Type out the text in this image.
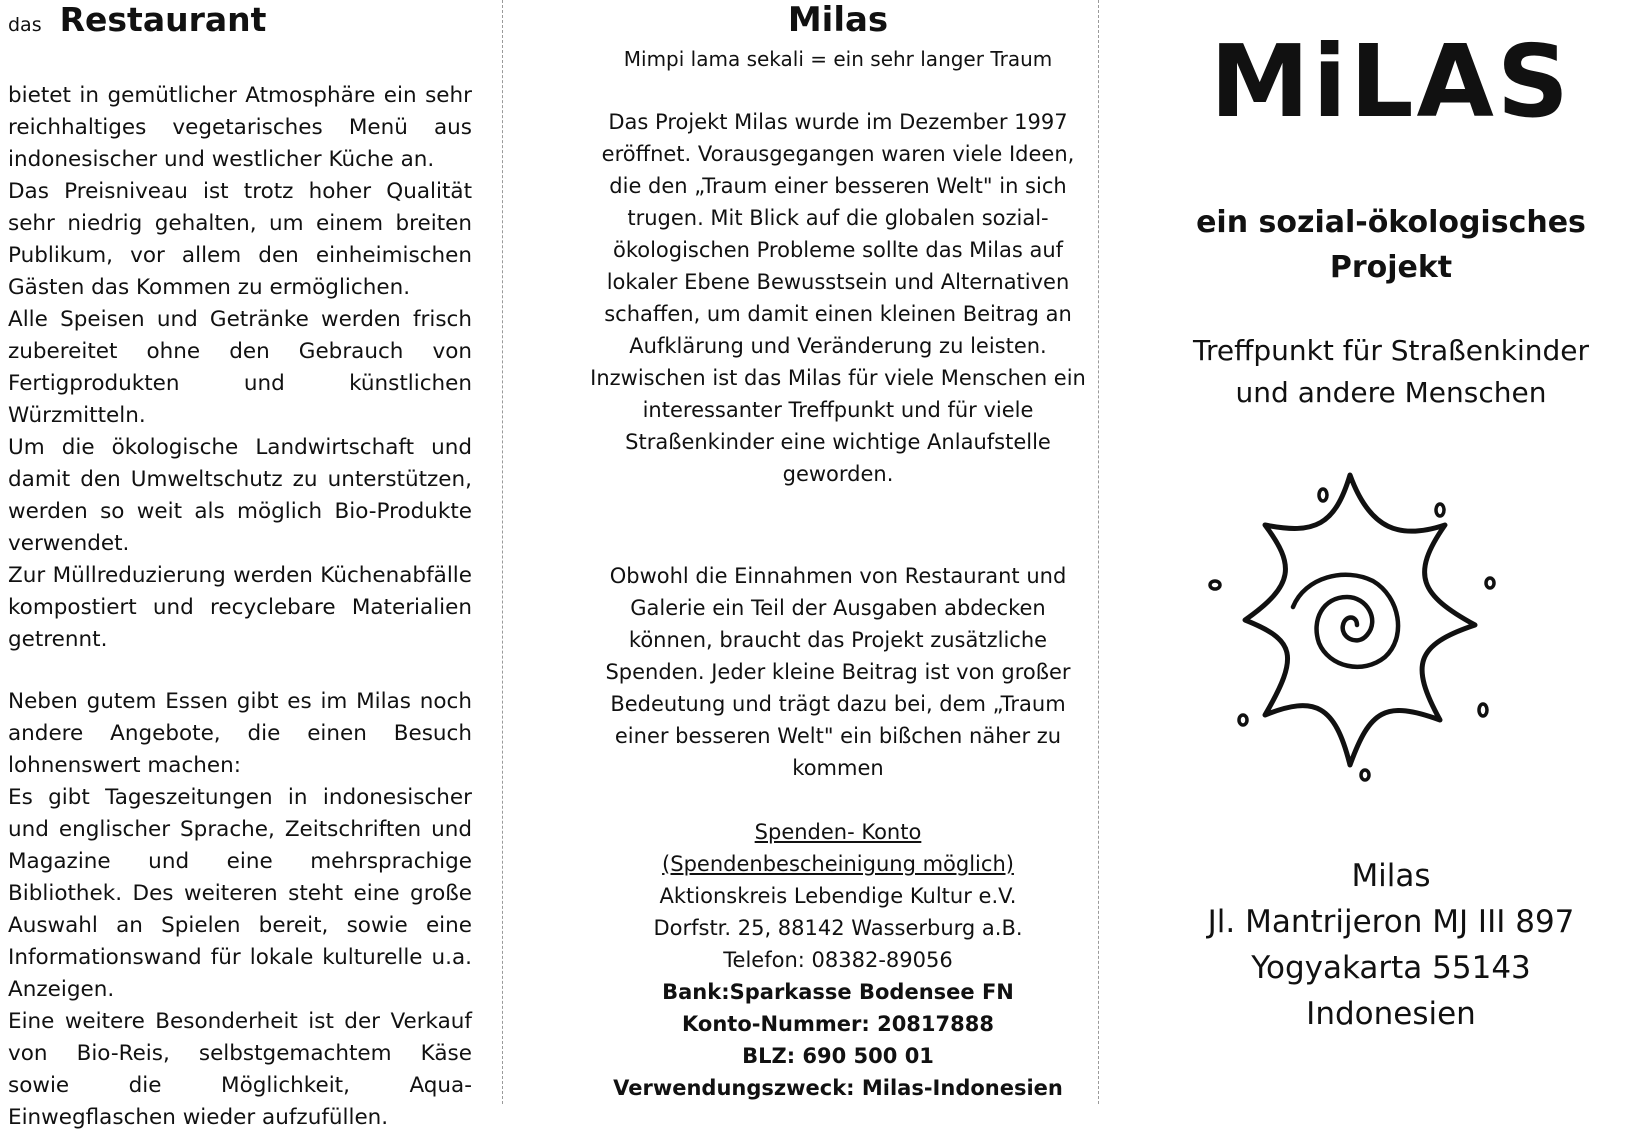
das Restaurant

bietet in gemütlicher Atmosphäre ein sehr reichhaltiges vegetarisches Menü aus indonesischer und westlicher Küche an.

Das Preisniveau ist trotz hoher Qualität sehr niedrig gehalten, um einem breiten Publikum, vor allem den einheimischen Gästen das Kommen zu ermöglichen.

Alle Speisen und Getränke werden frisch zubereitet ohne den Gebrauch von Fertigprodukten und künstlichen Würzmitteln.

Um die ökologische Landwirtschaft und damit den Umweltschutz zu unterstützen, werden so weit als möglich Bio-Produkte verwendet.

Zur Müllreduzierung werden Küchenabfälle kompostiert und recyclebare Materialien getrennt.

Neben gutem Essen gibt es im Milas noch andere Angebote, die einen Besuch lohnenswert machen:

Es gibt Tageszeitungen in indonesischer und englischer Sprache, Zeitschriften und Magazine und eine mehrsprachige Bibliothek. Des weiteren steht eine große Auswahl an Spielen bereit, sowie eine Informationswand für lokale kulturelle u.a. Anzeigen.

Eine weitere Besonderheit ist der Verkauf von Bio-Reis, selbstgemachtem Käse sowie die Möglichkeit, Aqua-Einwegflaschen wieder aufzufüllen.

Milas
Mimpi lama sekali = ein sehr langer Traum

Das Projekt Milas wurde im Dezember 1997 eröffnet. Vorausgegangen waren viele Ideen, die den „Traum einer besseren Welt" in sich trugen. Mit Blick auf die globalen sozial-ökologischen Probleme sollte das Milas auf lokaler Ebene Bewusstsein und Alternativen schaffen, um damit einen kleinen Beitrag an Aufklärung und Veränderung zu leisten.

Inzwischen ist das Milas für viele Menschen ein interessanter Treffpunkt und für viele Straßenkinder eine wichtige Anlaufstelle geworden.

Obwohl die Einnahmen von Restaurant und Galerie ein Teil der Ausgaben abdecken können, braucht das Projekt zusätzliche Spenden. Jeder kleine Beitrag ist von großer Bedeutung und trägt dazu bei, dem „Traum einer besseren Welt" ein bißchen näher zu kommen

Spenden- Konto

(Spendenbescheinigung möglich)

Aktionskreis Lebendige Kultur e.V.

Dorfstr. 25, 88142 Wasserburg a.B.

Telefon: 08382-89056

Bank:Sparkasse Bodensee FN

Konto-Nummer: 20817888

BLZ: 690 500 01

Verwendungszweck: Milas-Indonesien

MiLAS
ein sozial-ökologisches
Projekt
Treffpunkt für Straßenkinder
und andere Menschen
Milas
Jl. Mantrijeron MJ III 897
Yogyakarta 55143
Indonesien
